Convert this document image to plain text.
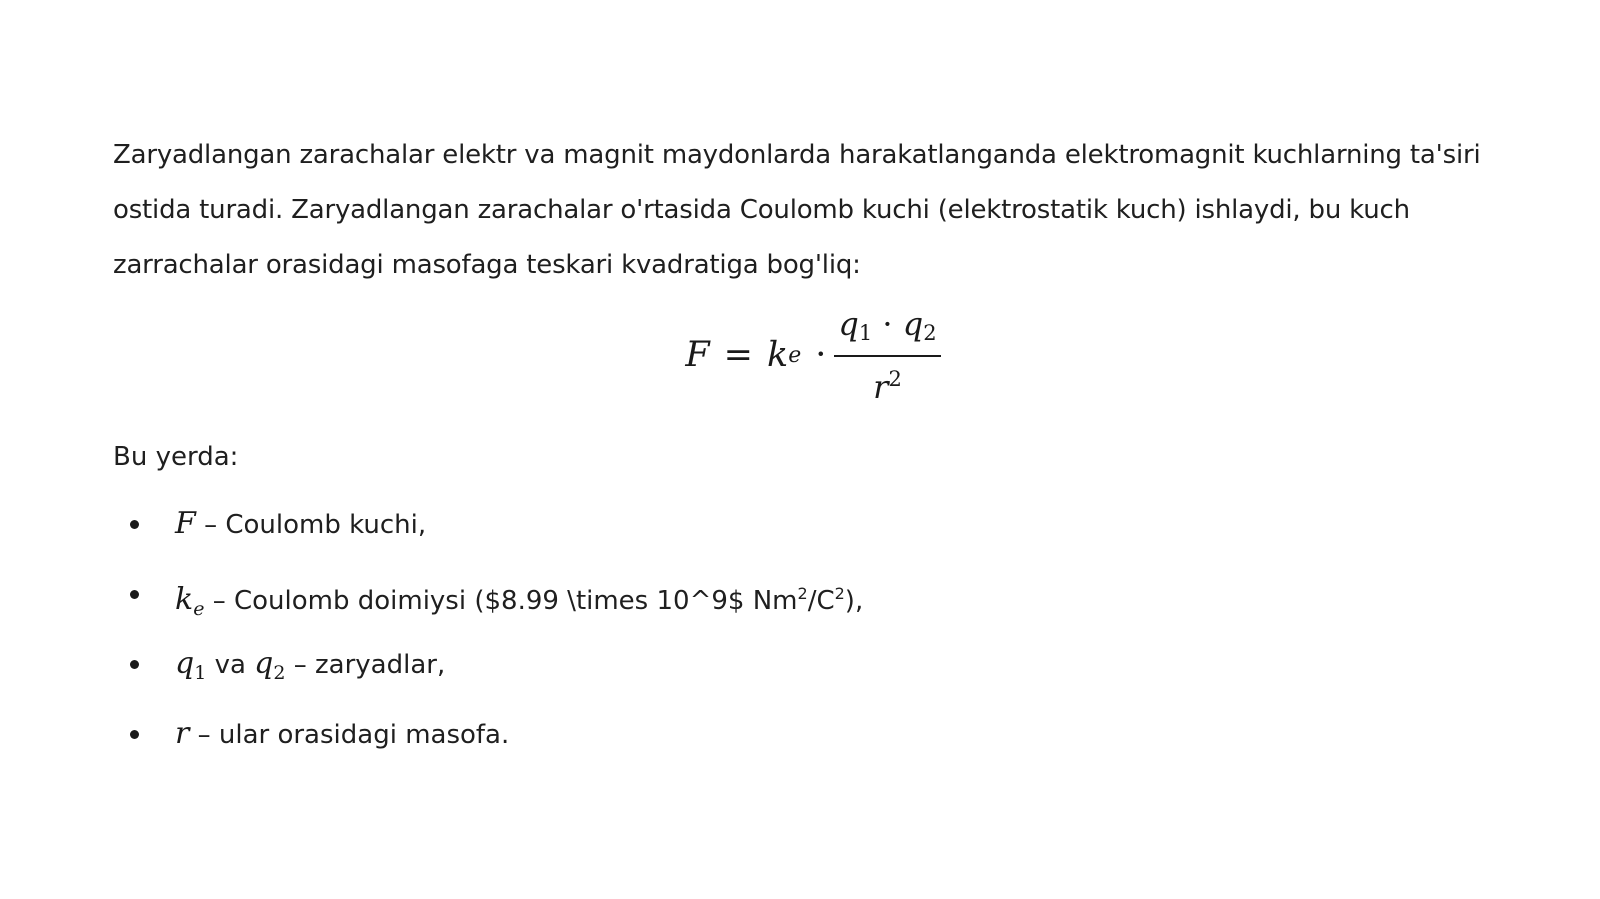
Zaryadlangan zarachalar elektr va magnit maydonlarda harakatlanganda elektromagnit kuchlarning ta'siri ostida turadi. Zaryadlangan zarachalar o'rtasida Coulomb kuchi (elektrostatik kuch) ishlaydi, bu kuch zarrachalar orasidagi masofaga teskari kvadratiga bog'liq:

F = k $e \cdot \frac{q_1 \cdot q_2}{r^2}$

Bu yerda:

F – Coulomb kuchi,
$k_e$ – Coulomb doimiysi ($8.99 \times 10^9$ $Nm^2/C^2$),
$q_1$ va $q_2$ – zaryadlar,
r – ular orasidagi masofa.
